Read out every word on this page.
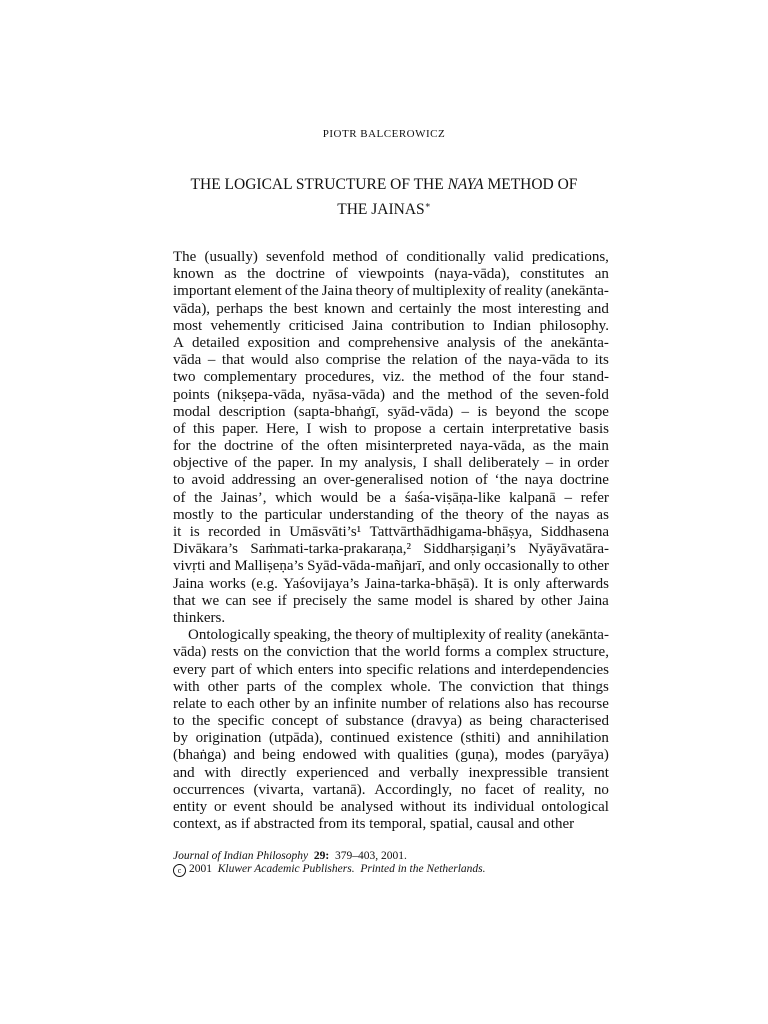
PIOTR BALCEROWICZ
THE LOGICAL STRUCTURE OF THE NAYA METHOD OF
THE JAINAS∗
The (usually) sevenfold method of conditionally valid predications,
known as the doctrine of viewpoints (naya-vāda), constitutes an
important element of the Jaina theory of multiplexity of reality (anekānta-
vāda), perhaps the best known and certainly the most interesting and
most vehemently criticised Jaina contribution to Indian philosophy.
A detailed exposition and comprehensive analysis of the anekānta-
vāda – that would also comprise the relation of the naya-vāda to its
two complementary procedures, viz. the method of the four stand-
points (nikṣepa-vāda, nyāsa-vāda) and the method of the seven-fold
modal description (sapta-bhaṅgī, syād-vāda) – is beyond the scope
of this paper. Here, I wish to propose a certain interpretative basis
for the doctrine of the often misinterpreted naya-vāda, as the main
objective of the paper. In my analysis, I shall deliberately – in order
to avoid addressing an over-generalised notion of ‘the naya doctrine
of the Jainas’, which would be a śaśa-viṣāṇa-like kalpanā – refer
mostly to the particular understanding of the theory of the nayas as
it is recorded in Umāsvāti’s¹ Tattvārthādhigama-bhāṣya, Siddhasena
Divākara’s Saṁmati-tarka-prakaraṇa,² Siddharṣigaṇi’s Nyāyāvatāra-
vivṛti and Malliṣeṇa’s Syād-vāda-mañjarī, and only occasionally to other
Jaina works (e.g. Yaśovijaya’s Jaina-tarka-bhāṣā). It is only afterwards
that we can see if precisely the same model is shared by other Jaina
thinkers.
Ontologically speaking, the theory of multiplexity of reality (anekānta-
vāda) rests on the conviction that the world forms a complex structure,
every part of which enters into specific relations and interdependencies
with other parts of the complex whole. The conviction that things
relate to each other by an infinite number of relations also has recourse
to the specific concept of substance (dravya) as being characterised
by origination (utpāda), continued existence (sthiti) and annihilation
(bhaṅga) and being endowed with qualities (guṇa), modes (paryāya)
and with directly experienced and verbally inexpressible transient
occurrences (vivarta, vartanā). Accordingly, no facet of reality, no
entity or event should be analysed without its individual ontological
context, as if abstracted from its temporal, spatial, causal and other
Journal of Indian Philosophy 29: 379–403, 2001.
c 2001 Kluwer Academic Publishers. Printed in the Netherlands.
